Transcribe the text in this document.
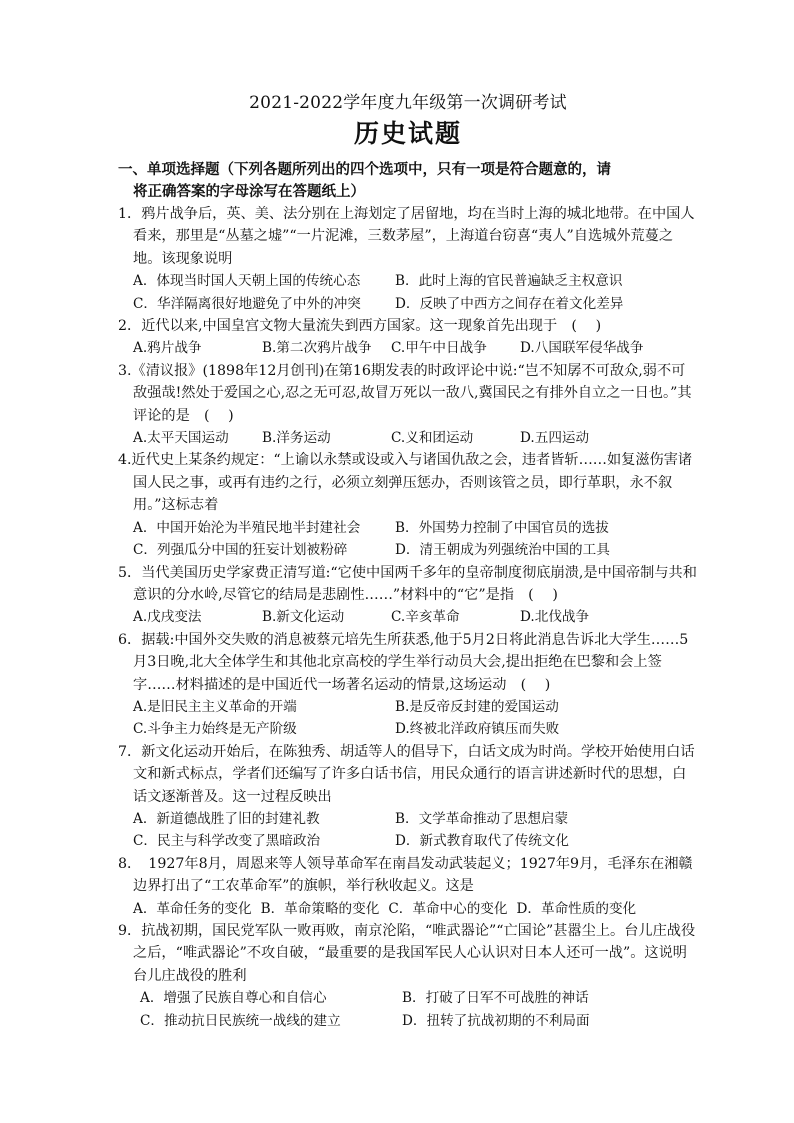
2021-2022学年度九年级第一次调研考试
历史试题
一、单项选择题（下列各题所列出的四个选项中，只有一项是符合题意的，请
将正确答案的字母涂写在答题纸上）
1．鸦片战争后，英、美、法分别在上海划定了居留地，均在当时上海的城北地带。在中国人看来，那里是“丛墓之墟”“一片泥滩，三数茅屋”，上海道台窃喜“夷人”自选城外荒蔓之地。该现象说明
A．体现当时国人天朝上国的传统心态	B．此时上海的官民普遍缺乏主权意识
C．华洋隔离很好地避免了中外的冲突	D．反映了中西方之间存在着文化差异
2．近代以来,中国皇宫文物大量流失到西方国家。这一现象首先出现于　(　 )
A.鸦片战争	B.第二次鸦片战争	C.甲午中日战争	D.八国联军侵华战争
3.《清议报》(1898年12月创刊)在第16期发表的时政评论中说:“岂不知孱不可敌众,弱不可敌强哉!然处于爱国之心,忍之无可忍,故冒万死以一敌八,冀国民之有排外自立之一日也。”其评论的是　(　 )
A.太平天国运动	B.洋务运动	C.义和团运动	D.五四运动
4.近代史上某条约规定：“上谕以永禁或设或入与诸国仇敌之会，违者皆斩……如复滋伤害诸国人民之事，或再有违约之行，必须立刻弹压惩办，否则该管之员，即行革职，永不叙用。”这标志着
A．中国开始沦为半殖民地半封建社会	B．外国势力控制了中国官员的选拔
C．列强瓜分中国的狂妄计划被粉碎	D．清王朝成为列强统治中国的工具
5．当代美国历史学家费正清写道:“它使中国两千多年的皇帝制度彻底崩溃,是中国帝制与共和意识的分水岭,尽管它的结局是悲剧性……”材料中的“它”是指　(　 )
A.戊戌变法	B.新文化运动	C.辛亥革命	D.北伐战争
6．据载:中国外交失败的消息被蔡元培先生所获悉,他于5月2日将此消息告诉北大学生……5月3日晚,北大全体学生和其他北京高校的学生举行动员大会,提出拒绝在巴黎和会上签字……材料描述的是中国近代一场著名运动的情景,这场运动　(　 )
A.是旧民主主义革命的开端	B.是反帝反封建的爱国运动
C.斗争主力始终是无产阶级	D.终被北洋政府镇压而失败
7．新文化运动开始后，在陈独秀、胡适等人的倡导下，白话文成为时尚。学校开始使用白话文和新式标点，学者们还编写了许多白话书信，用民众通行的语言讲述新时代的思想，白话文逐渐普及。这一过程反映出
A．新道德战胜了旧的封建礼教	B．文学革命推动了思想启蒙
C．民主与科学改变了黑暗政治	D．新式教育取代了传统文化
8．　1927年8月，周恩来等人领导革命军在南昌发动武装起义；1927年9月，毛泽东在湘赣边界打出了“工农革命军”的旗帜，举行秋收起义。这是
A．革命任务的变化 B．革命策略的变化 C．革命中心的变化 D．革命性质的变化
9．抗战初期，国民党军队一败再败，南京沦陷，“唯武器论”“亡国论”甚嚣尘上。台儿庄战役之后，“唯武器论”不攻自破，“最重要的是我国军民人心认识对日本人还可一战”。这说明台儿庄战役的胜利
A．增强了民族自尊心和自信心	B．打破了日军不可战胜的神话
C．推动抗日民族统一战线的建立	D．扭转了抗战初期的不利局面
